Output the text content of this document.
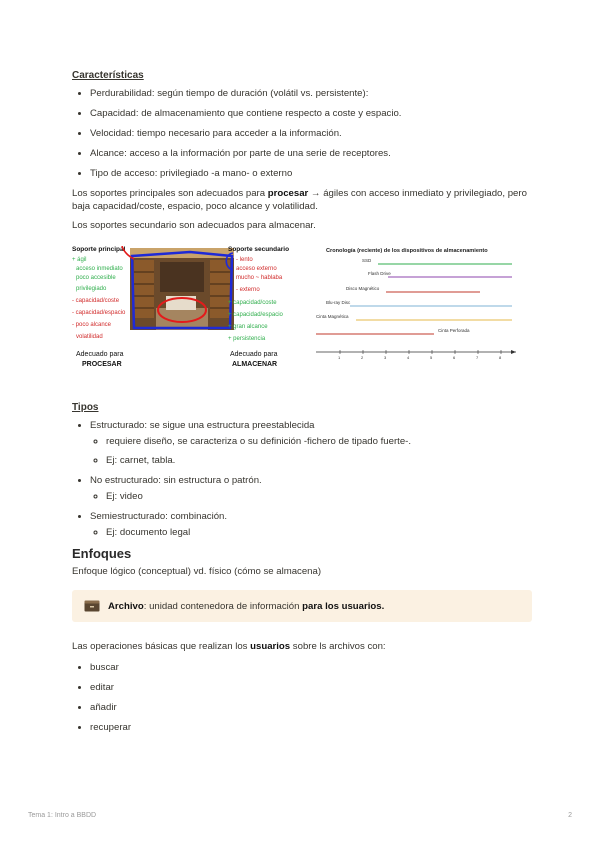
Características
• Perdurabilidad: según tiempo de duración (volátil vs. persistente):
• Capacidad: de almacenamiento que contiene respecto a coste y espacio.
• Velocidad: tiempo necesario para acceder a la información.
• Alcance: acceso a la información por parte de una serie de receptores.
• Tipo de acceso: privilegiado -a mano- o externo

Los soportes principales son adecuados para procesar → ágiles con acceso inmediato y privilegiado, pero baja capacidad/coste, espacio, poco alcance y volatilidad.

Los soportes secundario son adecuados para almacenar.

Soporte principal
+ ágil
acceso inmediato
poco accesible
privilegiado
- capacidad/coste
- capacidad/espacio
- poco alcance
volatilidad
Adecuado para
PROCESAR
Soporte secundario
- lento
acceso externo
mucho ~ hablaba
- externo
+ capacidad/coste
+ capacidad/espacio
+ gran alcance
+ persistencia
Adecuado para
ALMACENAR
Cronología (reciente) de los dispositivos de almacenamiento
SSD
Flash Drive
Disco Magnético
Blu-ray Disc
Cinta Magnética
Cinta Perforada
1	2	3	4	5	6	7	8
Tipos
• Estructurado: se sigue una estructura preestablecida
◦ requiere diseño, se caracteriza o su definición -fichero de tipado fuerte-.
◦ Ej: carnet, tabla.
• No estructurado: sin estructura o patrón.
◦ Ej: video
• Semiestructurado: combinación.
◦ Ej: documento legal
Enfoques

Enfoque lógico (conceptual) vd. físico (cómo se almacena)

Archivo: unidad contenedora de información para los usuarios.

Las operaciones básicas que realizan los usuarios sobre ls archivos con:

• buscar
• editar
• añadir
• recuperar
Tema 1: Intro a BBDD	2
